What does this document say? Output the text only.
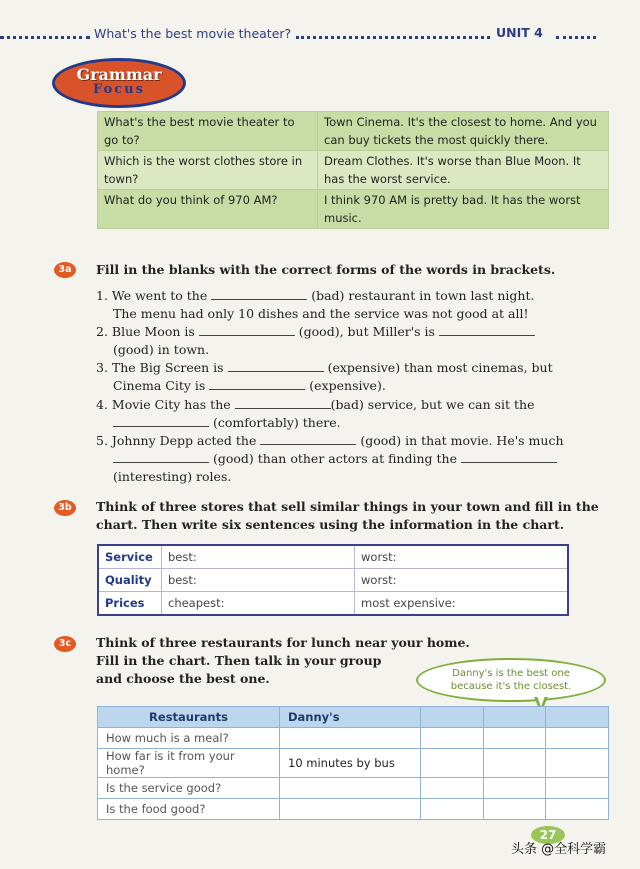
What's the best movie theater?	UNIT 4
Grammar
Focus
What's the best movie theater to go to?	Town Cinema. It's the closest to home. And you can buy tickets the most quickly there.
Which is the worst clothes store in town?	Dream Clothes. It's worse than Blue Moon. It has the worst service.
What do you think of 970 AM?	I think 970 AM is pretty bad. It has the worst music.
3a	Fill in the blanks with the correct forms of the words in brackets.
1. We went to the	(bad) restaurant in town last night.
The menu had only 10 dishes and the service was not good at all!
2. Blue Moon is	(good), but Miller's is
(good) in town.
3. The Big Screen is	(expensive) than most cinemas, but
Cinema City is	(expensive).
4. Movie City has the	(bad) service, but we can sit the
(comfortably) there.
5. Johnny Depp acted the	(good) in that movie. He's much
(good) than other actors at finding the
(interesting) roles.
3b	Think of three stores that sell similar things in your town and fill in the
chart. Then write six sentences using the information in the chart.
Service	best:	worst:
Quality	best:	worst:
Prices	cheapest:	most expensive:
3c	Think of three restaurants for lunch near your home.
Fill in the chart. Then talk in your group
and choose the best one.	Danny's is the best one
because it's the closest.
Restaurants	Danny's			
How much is a meal?				
How far is it from your home?	10 minutes by bus			
Is the service good?				
Is the food good?				
27
头条 @全科学霸
